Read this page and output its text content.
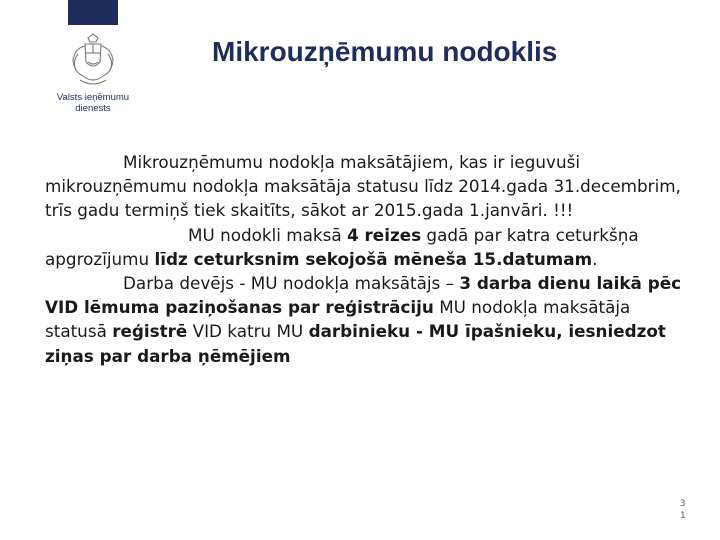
Valsts ieņēmumu
dienests
Mikrouzņēmumu nodoklis

Mikrouzņēmumu nodokļa maksātājiem, kas ir ieguvuši mikrouzņēmumu nodokļa maksātāja statusu līdz 2014.gada 31.decembrim, trīs gadu termiņš tiek skaitīts, sākot ar 2015.gada 1.janvāri. !!!

MU nodokli maksā 4 reizes gadā par katra ceturkšņa apgrozījumu līdz ceturksnim sekojošā mēneša 15.datumam.

Darba devējs - MU nodokļa maksātājs – 3 darba dienu laikā pēc VID lēmuma paziņošanas par reģistrāciju MU nodokļa maksātāja statusā reģistrē VID katru MU darbinieku - MU īpašnieku, iesniedzot ziņas par darba ņēmējiem

3
1
